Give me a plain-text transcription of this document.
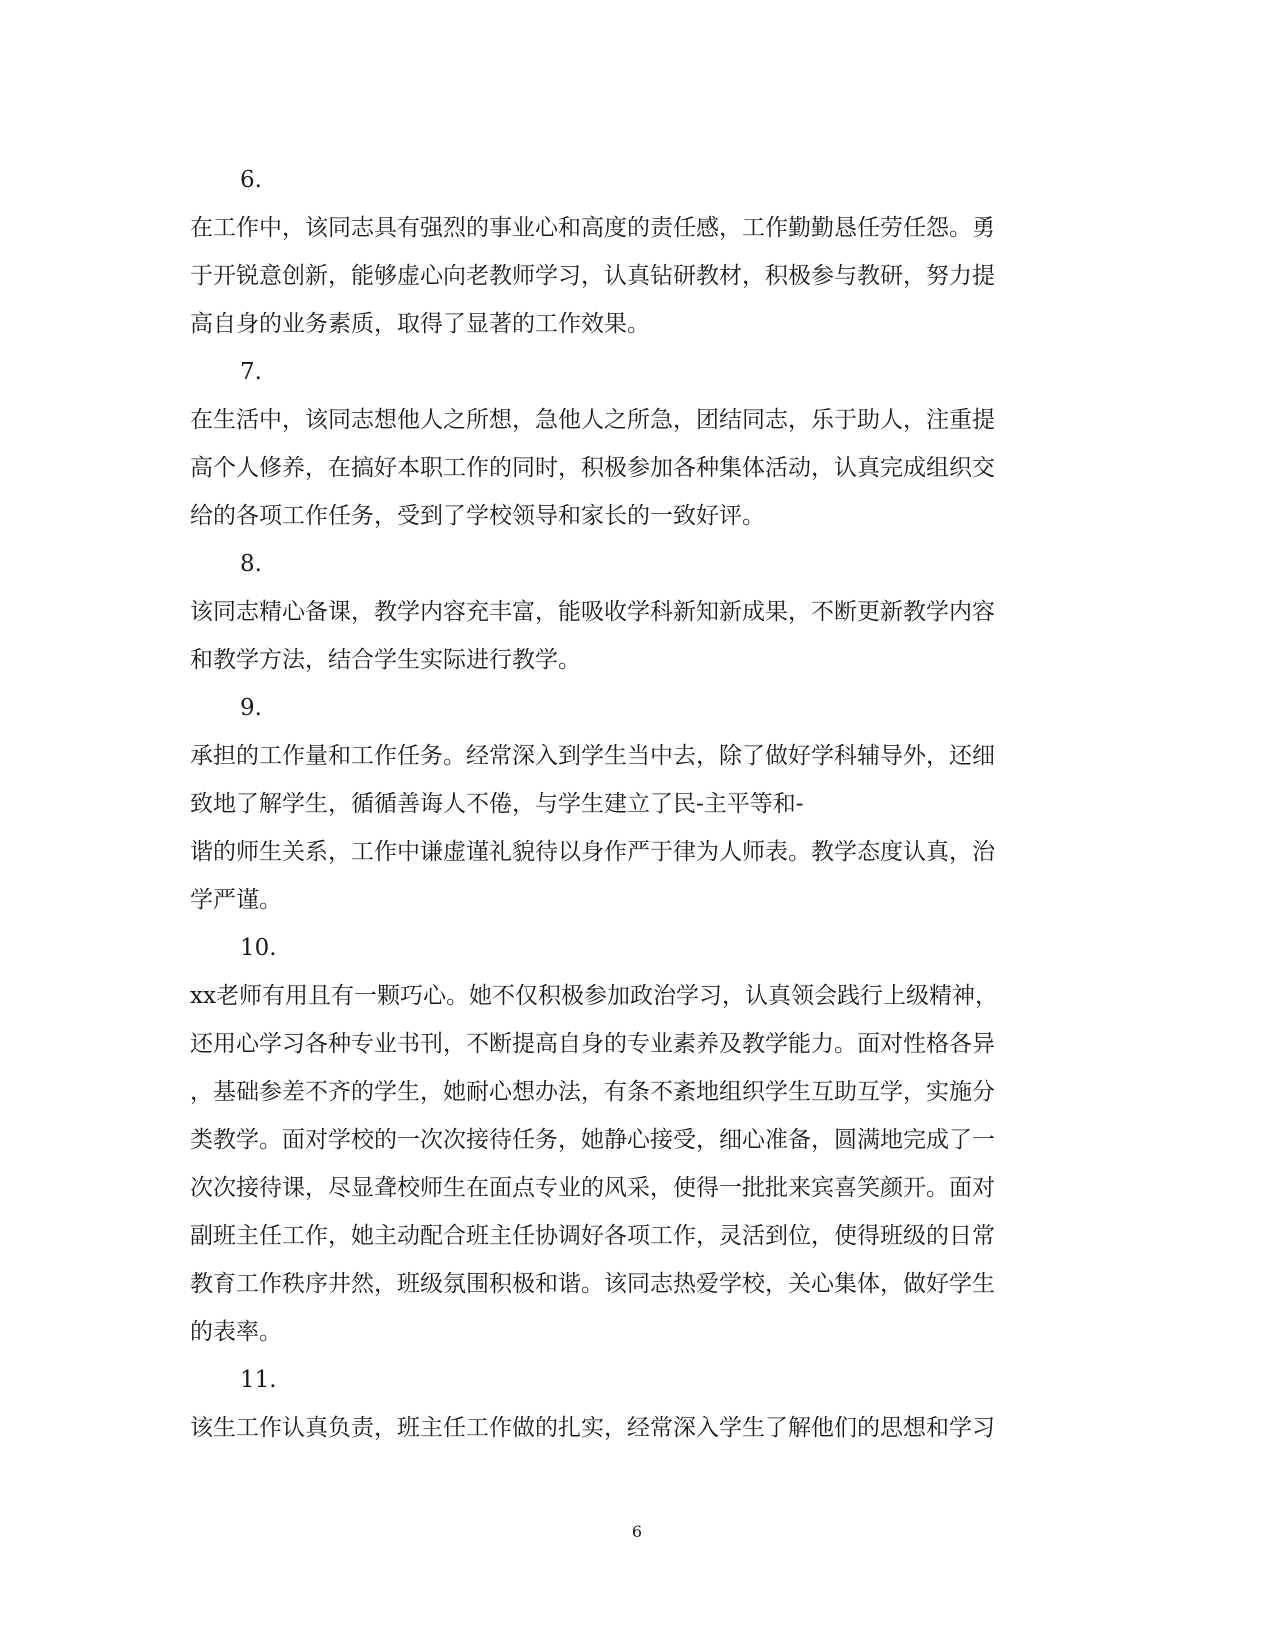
6.
在工作中，该同志具有强烈的事业心和高度的责任感，工作勤勤恳任劳任怨。勇
于开锐意创新，能够虚心向老教师学习，认真钻研教材，积极参与教研，努力提
高自身的业务素质，取得了显著的工作效果。
7.
在生活中，该同志想他人之所想，急他人之所急，团结同志，乐于助人，注重提
高个人修养，在搞好本职工作的同时，积极参加各种集体活动，认真完成组织交
给的各项工作任务，受到了学校领导和家长的一致好评。
8.
该同志精心备课，教学内容充丰富，能吸收学科新知新成果，不断更新教学内容
和教学方法，结合学生实际进行教学。
9.
承担的工作量和工作任务。经常深入到学生当中去，除了做好学科辅导外，还细
致地了解学生，循循善诲人不倦，与学生建立了民-主平等和-
谐的师生关系，工作中谦虚谨礼貌待以身作严于律为人师表。教学态度认真，治
学严谨。
10.
xx老师有用且有一颗巧心。她不仅积极参加政治学习，认真领会践行上级精神，
还用心学习各种专业书刊，不断提高自身的专业素养及教学能力。面对性格各异
，基础参差不齐的学生，她耐心想办法，有条不紊地组织学生互助互学，实施分
类教学。面对学校的一次次接待任务，她静心接受，细心准备，圆满地完成了一
次次接待课，尽显聋校师生在面点专业的风采，使得一批批来宾喜笑颜开。面对
副班主任工作，她主动配合班主任协调好各项工作，灵活到位，使得班级的日常
教育工作秩序井然，班级氛围积极和谐。该同志热爱学校，关心集体，做好学生
的表率。
11.
该生工作认真负责，班主任工作做的扎实，经常深入学生了解他们的思想和学习
6
